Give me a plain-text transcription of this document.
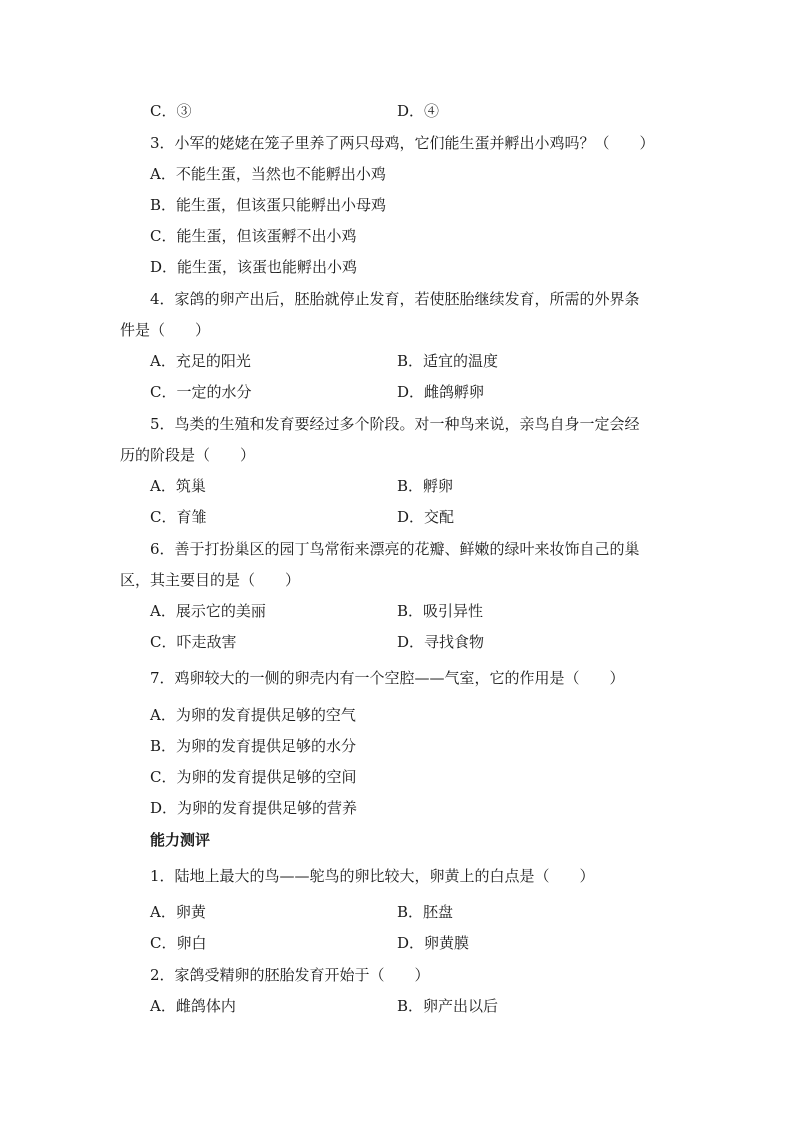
C．③	D．④
3．小军的姥姥在笼子里养了两只母鸡，它们能生蛋并孵出小鸡吗？（　　）
A．不能生蛋，当然也不能孵出小鸡
B．能生蛋，但该蛋只能孵出小母鸡
C．能生蛋，但该蛋孵不出小鸡
D．能生蛋，该蛋也能孵出小鸡
4．家鸽的卵产出后，胚胎就停止发育，若使胚胎继续发育，所需的外界条
件是（　　）
A．充足的阳光	B．适宜的温度
C．一定的水分	D．雌鸽孵卵
5．鸟类的生殖和发育要经过多个阶段。对一种鸟来说，亲鸟自身一定会经
历的阶段是（　　）
A．筑巢	B．孵卵
C．育雏	D．交配
6．善于打扮巢区的园丁鸟常衔来漂亮的花瓣、鲜嫩的绿叶来妆饰自己的巢
区，其主要目的是（　　）
A．展示它的美丽	B．吸引异性
C．吓走敌害	D．寻找食物
7．鸡卵较大的一侧的卵壳内有一个空腔——气室，它的作用是（　　）
A．为卵的发育提供足够的空气
B．为卵的发育提供足够的水分
C．为卵的发育提供足够的空间
D．为卵的发育提供足够的营养
能力测评
1．陆地上最大的鸟——鸵鸟的卵比较大，卵黄上的白点是（　　）
A．卵黄	B．胚盘
C．卵白	D．卵黄膜
2．家鸽受精卵的胚胎发育开始于（　　）
A．雌鸽体内	B．卵产出以后
